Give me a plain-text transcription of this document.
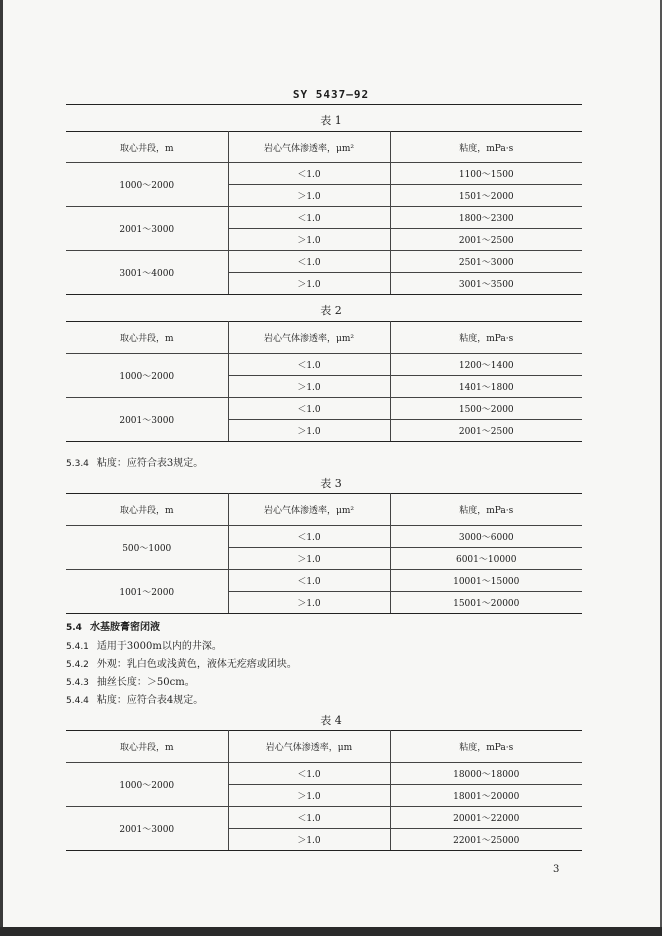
SY 5437—92
表 1
取心井段，m	岩心气体渗透率，μm²	粘度，mPa·s
1000～2000	＜1.0	1100～1500
	＞1.0	1501～2000
2001～3000	＜1.0	1800～2300
	＞1.0	2001～2500
3001～4000	＜1.0	2501～3000
	＞1.0	3001～3500
表 2
取心井段，m	岩心气体渗透率，μm²	粘度，mPa·s
1000～2000	＜1.0	1200～1400
	＞1.0	1401～1800
2001～3000	＜1.0	1500～2000
	＞1.0	2001～2500
5.3.4 粘度：应符合表3规定。
表 3
取心井段，m	岩心气体渗透率，μm²	粘度，mPa·s
500～1000	＜1.0	3000～6000
	＞1.0	6001～10000
1001～2000	＜1.0	10001～15000
	＞1.0	15001～20000
5.4 水基胺膏密闭液
5.4.1 适用于3000m以内的井深。
5.4.2 外观：乳白色或浅黄色，液体无疙瘩或团块。
5.4.3 抽丝长度：＞50cm。
5.4.4 粘度：应符合表4规定。
表 4
取心井段，m	岩心气体渗透率，μm	粘度，mPa·s
1000～2000	＜1.0	18000～18000
	＞1.0	18001～20000
2001～3000	＜1.0	20001～22000
	＞1.0	22001～25000
3
